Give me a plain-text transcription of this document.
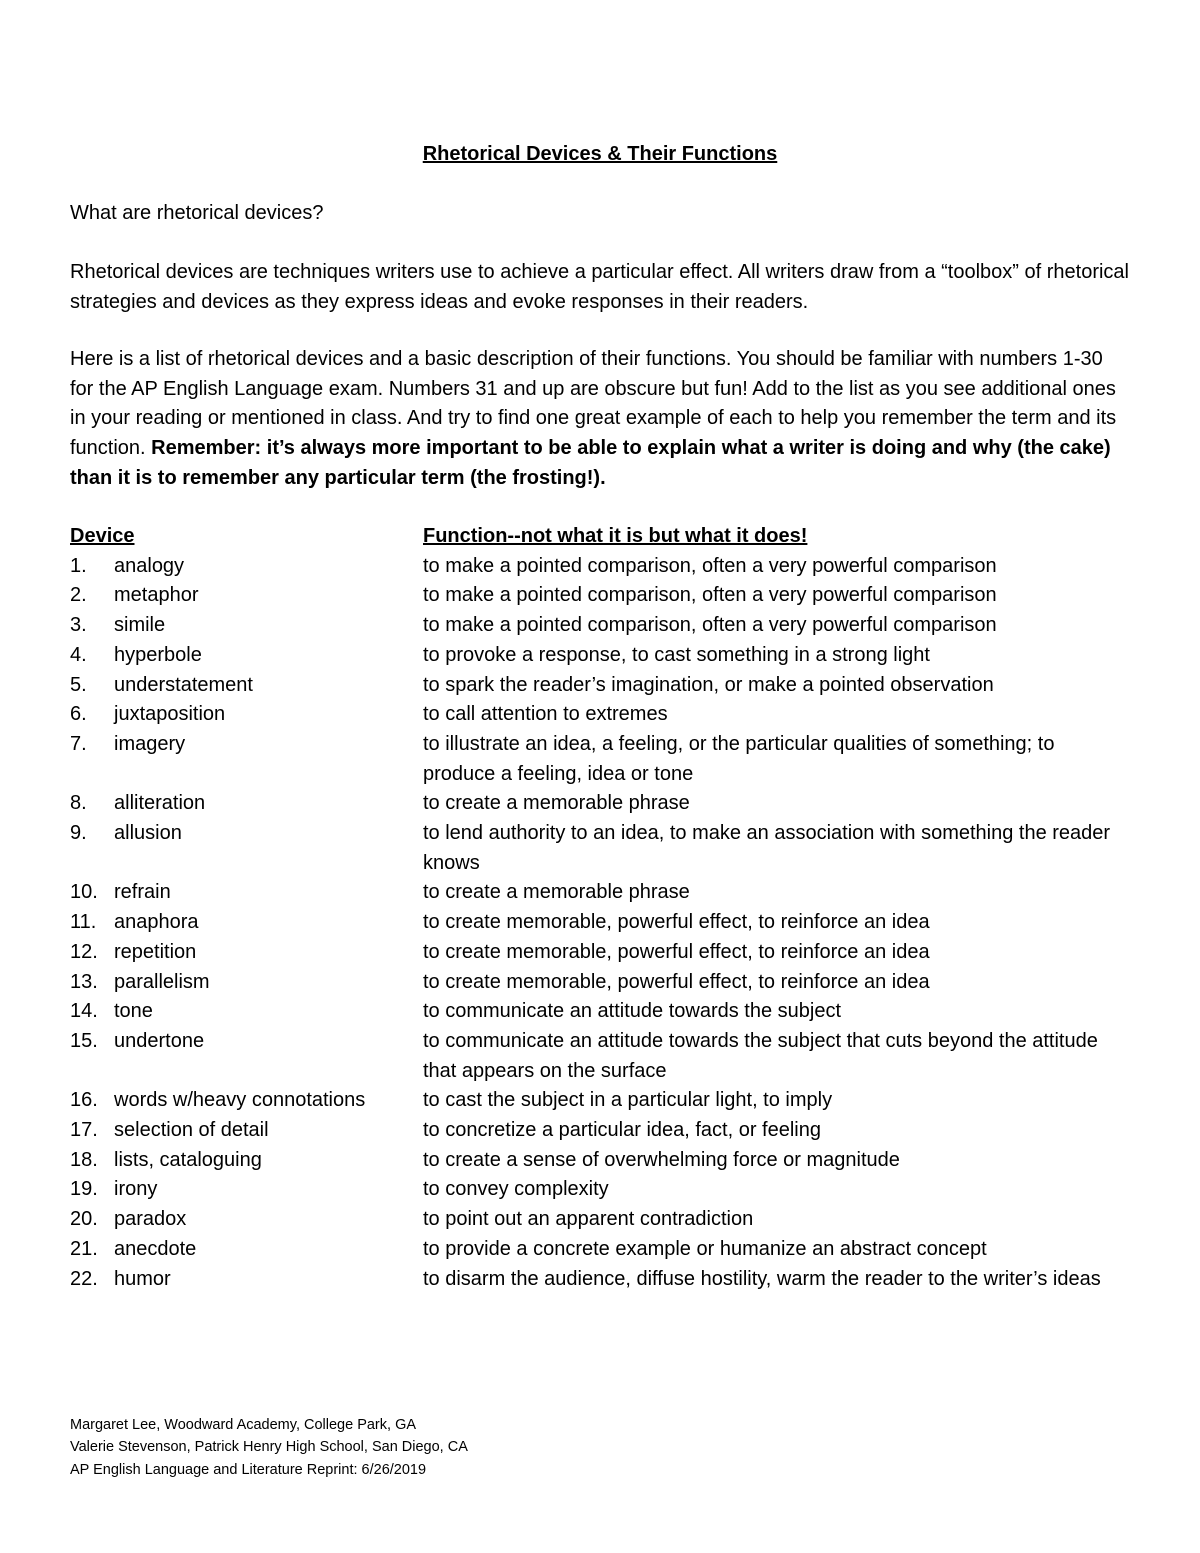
Rhetorical Devices & Their Functions

What are rhetorical devices?

Rhetorical devices are techniques writers use to achieve a particular effect. All writers draw from a “toolbox” of rhetorical strategies and devices as they express ideas and evoke responses in their readers.

Here is a list of rhetorical devices and a basic description of their functions. You should be familiar with numbers 1-30 for the AP English Language exam. Numbers 31 and up are obscure but fun! Add to the list as you see additional ones in your reading or mentioned in class. And try to find one great example of each to help you remember the term and its function. Remember: it’s always more important to be able to explain what a writer is doing and why (the cake) than it is to remember any particular term (the frosting!).

Device	Function--not what it is but what it does!
1.	analogy	to make a pointed comparison, often a very powerful comparison
2.	metaphor	to make a pointed comparison, often a very powerful comparison
3.	simile	to make a pointed comparison, often a very powerful comparison
4.	hyperbole	to provoke a response, to cast something in a strong light
5.	understatement	to spark the reader’s imagination, or make a pointed observation
6.	juxtaposition	to call attention to extremes
7.	imagery	to illustrate an idea, a feeling, or the particular qualities of something; to produce a feeling, idea or tone
8.	alliteration	to create a memorable phrase
9.	allusion	to lend authority to an idea, to make an association with something the reader knows
10. refrain	to create a memorable phrase
11. anaphora	to create memorable, powerful effect, to reinforce an idea
12. repetition	to create memorable, powerful effect, to reinforce an idea
13. parallelism	to create memorable, powerful effect, to reinforce an idea
14. tone	to communicate an attitude towards the subject
15. undertone	to communicate an attitude towards the subject that cuts beyond the attitude that appears on the surface
16. words w/heavy connotations	to cast the subject in a particular light, to imply
17. selection of detail	to concretize a particular idea, fact, or feeling
18. lists, cataloguing	to create a sense of overwhelming force or magnitude
19. irony	to convey complexity
20. paradox	to point out an apparent contradiction
21. anecdote	to provide a concrete example or humanize an abstract concept
22. humor	to disarm the audience, diffuse hostility, warm the reader to the writer’s ideas
Margaret Lee, Woodward Academy, College Park, GA
Valerie Stevenson, Patrick Henry High School, San Diego, CA
AP English Language and Literature Reprint: 6/26/2019
